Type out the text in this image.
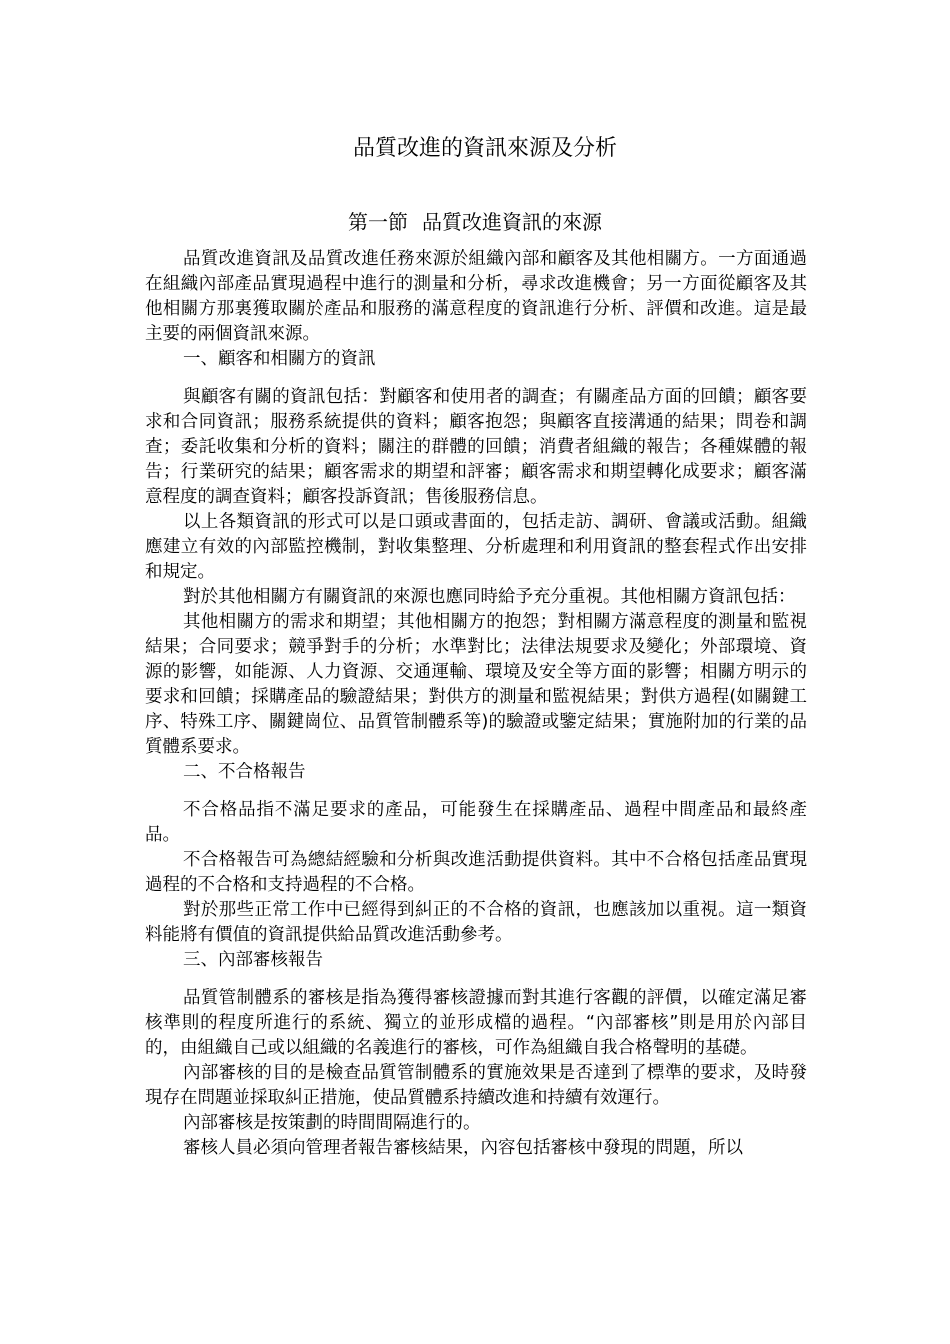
品質改進的資訊來源及分析
第一節 品質改進資訊的來源

品質改進資訊及品質改進任務來源於組織內部和顧客及其他相關方。一方面通過在組織內部產品實現過程中進行的測量和分析，尋求改進機會；另一方面從顧客及其他相關方那裏獲取關於產品和服務的滿意程度的資訊進行分析、評價和改進。這是最主要的兩個資訊來源。

一、顧客和相關方的資訊

與顧客有關的資訊包括：對顧客和使用者的調查；有關產品方面的回饋；顧客要求和合同資訊；服務系統提供的資料；顧客抱怨；與顧客直接溝通的結果；問卷和調查；委託收集和分析的資料；關注的群體的回饋；消費者組織的報告；各種媒體的報告；行業研究的結果；顧客需求的期望和評審；顧客需求和期望轉化成要求；顧客滿意程度的調查資料；顧客投訴資訊；售後服務信息。

以上各類資訊的形式可以是口頭或書面的，包括走訪、調研、會議或活動。組織應建立有效的內部監控機制，對收集整理、分析處理和利用資訊的整套程式作出安排和規定。

對於其他相關方有關資訊的來源也應同時給予充分重視。其他相關方資訊包括：

其他相關方的需求和期望；其他相關方的抱怨；對相關方滿意程度的測量和監視結果；合同要求；競爭對手的分析；水準對比；法律法規要求及變化；外部環境、資源的影響，如能源、人力資源、交通運輸、環境及安全等方面的影響；相關方明示的要求和回饋；採購產品的驗證結果；對供方的測量和監視結果；對供方過程(如關鍵工序、特殊工序、關鍵崗位、品質管制體系等)的驗證或鑒定結果；實施附加的行業的品質體系要求。

二、不合格報告

不合格品指不滿足要求的產品，可能發生在採購產品、過程中間產品和最終產品。

不合格報告可為總結經驗和分析與改進活動提供資料。其中不合格包括產品實現過程的不合格和支持過程的不合格。

對於那些正常工作中已經得到糾正的不合格的資訊，也應該加以重視。這一類資料能將有價值的資訊提供給品質改進活動參考。

三、內部審核報告

品質管制體系的審核是指為獲得審核證據而對其進行客觀的評價，以確定滿足審核準則的程度所進行的系統、獨立的並形成檔的過程。“內部審核”則是用於內部目的，由組織自己或以組織的名義進行的審核，可作為組織自我合格聲明的基礎。

內部審核的目的是檢查品質管制體系的實施效果是否達到了標準的要求，及時發現存在問題並採取糾正措施，使品質體系持續改進和持續有效運行。

內部審核是按策劃的時間間隔進行的。

審核人員必須向管理者報告審核結果，內容包括審核中發現的問題，所以
